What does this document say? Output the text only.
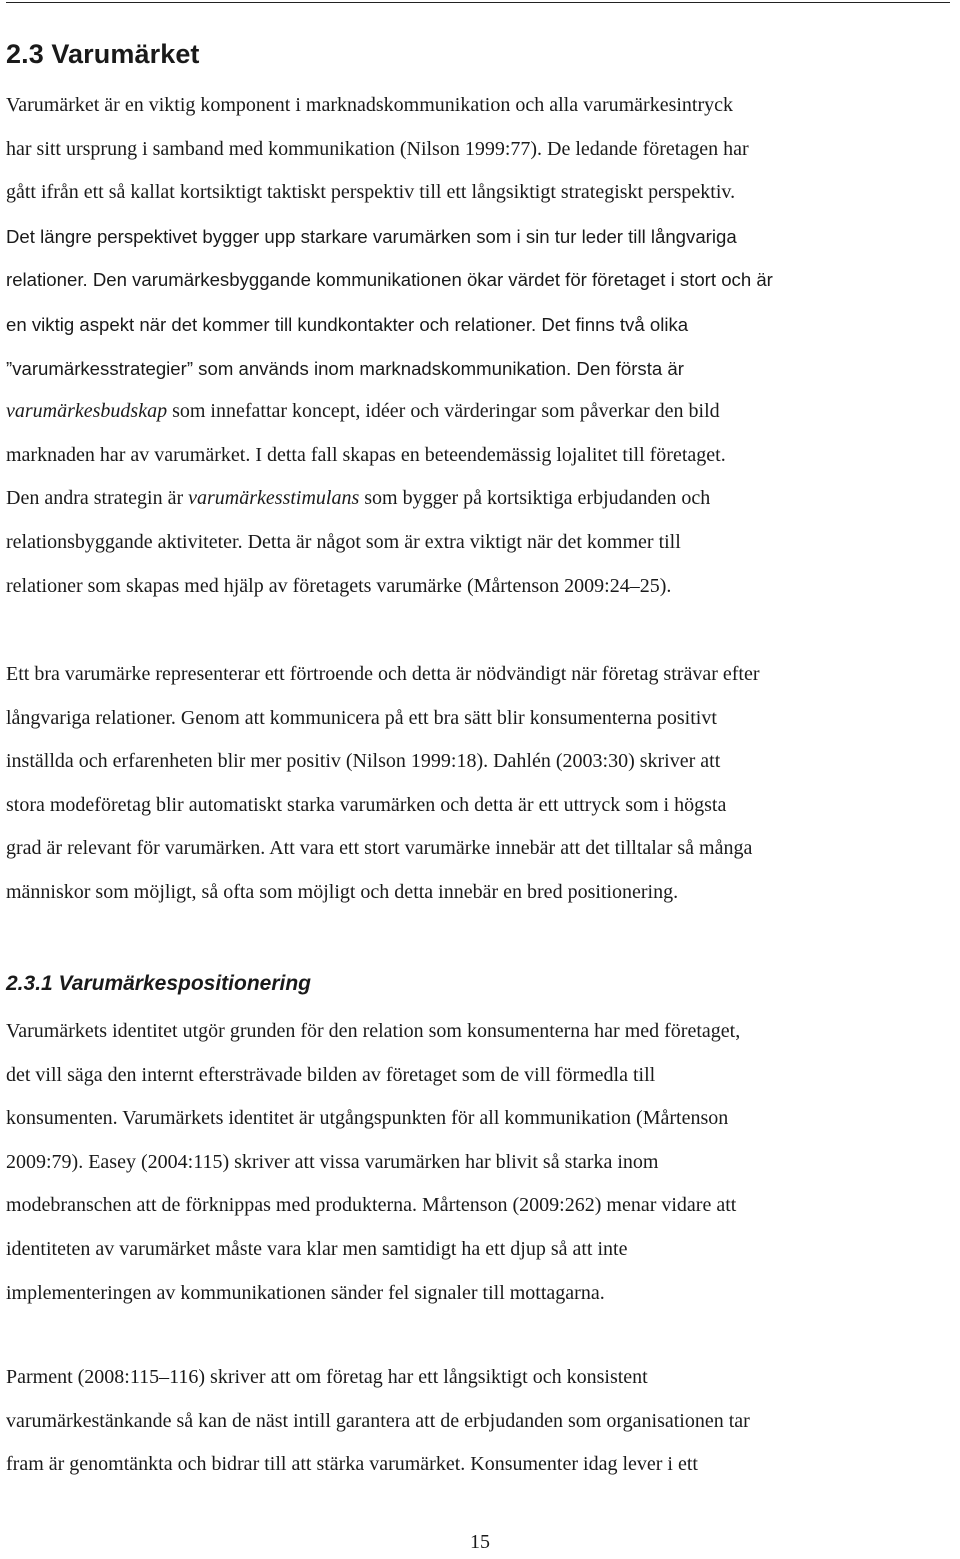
2.3 Varumärket

Varumärket är en viktig komponent i marknadskommunikation och alla varumärkesintryck
har sitt ursprung i samband med kommunikation (Nilson 1999:77). De ledande företagen har
gått ifrån ett så kallat kortsiktigt taktiskt perspektiv till ett långsiktigt strategiskt perspektiv.
Det längre perspektivet bygger upp starkare varumärken som i sin tur leder till långvariga
relationer. Den varumärkesbyggande kommunikationen ökar värdet för företaget i stort och är
en viktig aspekt när det kommer till kundkontakter och relationer. Det finns två olika
”varumärkesstrategier” som används inom marknadskommunikation. Den första är
varumärkesbudskap som innefattar koncept, idéer och värderingar som påverkar den bild
marknaden har av varumärket. I detta fall skapas en beteendemässig lojalitet till företaget.
Den andra strategin är varumärkesstimulans som bygger på kortsiktiga erbjudanden och
relationsbyggande aktiviteter. Detta är något som är extra viktigt när det kommer till
relationer som skapas med hjälp av företagets varumärke (Mårtenson 2009:24–25).

Ett bra varumärke representerar ett förtroende och detta är nödvändigt när företag strävar efter
långvariga relationer. Genom att kommunicera på ett bra sätt blir konsumenterna positivt
inställda och erfarenheten blir mer positiv (Nilson 1999:18). Dahlén (2003:30) skriver att
stora modeföretag blir automatiskt starka varumärken och detta är ett uttryck som i högsta
grad är relevant för varumärken. Att vara ett stort varumärke innebär att det tilltalar så många
människor som möjligt, så ofta som möjligt och detta innebär en bred positionering.

2.3.1 Varumärkespositionering

Varumärkets identitet utgör grunden för den relation som konsumenterna har med företaget,
det vill säga den internt eftersträvade bilden av företaget som de vill förmedla till
konsumenten. Varumärkets identitet är utgångspunkten för all kommunikation (Mårtenson
2009:79). Easey (2004:115) skriver att vissa varumärken har blivit så starka inom
modebranschen att de förknippas med produkterna. Mårtenson (2009:262) menar vidare att
identiteten av varumärket måste vara klar men samtidigt ha ett djup så att inte
implementeringen av kommunikationen sänder fel signaler till mottagarna.

Parment (2008:115–116) skriver att om företag har ett långsiktigt och konsistent
varumärkestänkande så kan de näst intill garantera att de erbjudanden som organisationen tar
fram är genomtänkta och bidrar till att stärka varumärket. Konsumenter idag lever i ett

15
